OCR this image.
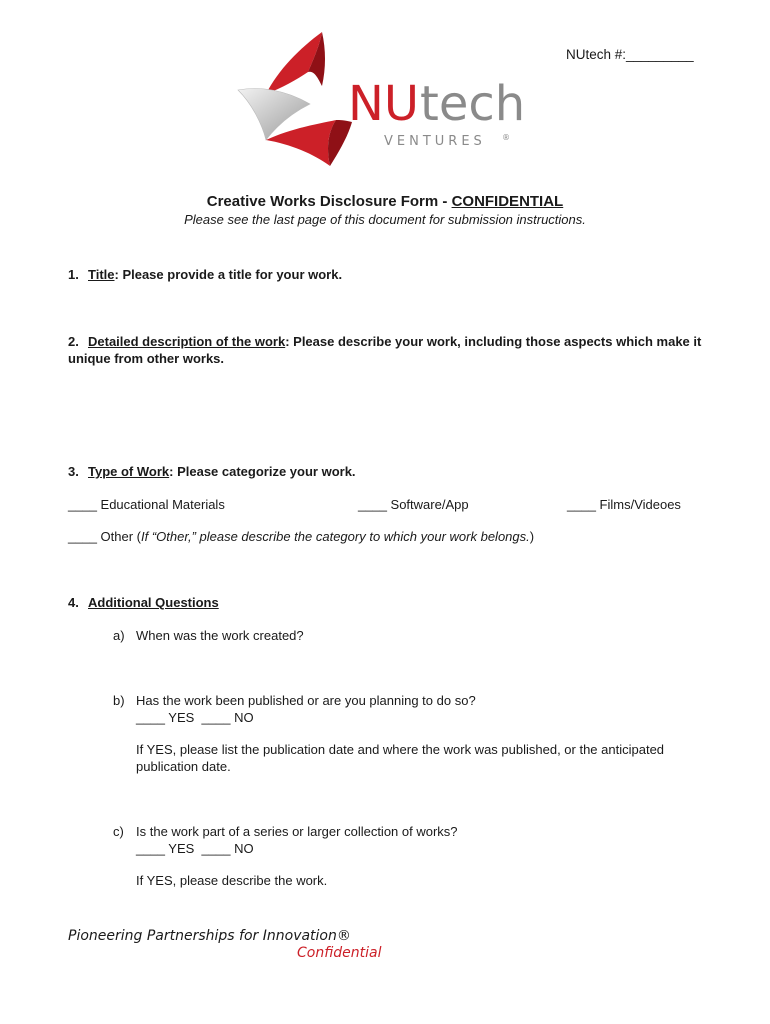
NUtech #:_________
NU tech
VENTURES ®
Creative Works Disclosure Form - CONFIDENTIAL
Please see the last page of this document for submission instructions.
1. Title: Please provide a title for your work.
2. Detailed description of the work: Please describe your work, including those aspects which make it unique from other works.
3. Type of Work: Please categorize your work.
____ Educational Materials	____ Software/App	____ Films/Videoes
____ Other (If “Other,” please describe the category to which your work belongs.)
4. Additional Questions
a) When was the work created?
b) Has the work been published or are you planning to do so?
____ YES  ____ NO
If YES, please list the publication date and where the work was published, or the anticipated
publication date.
c) Is the work part of a series or larger collection of works?
____ YES  ____ NO
If YES, please describe the work.
Pioneering Partnerships for Innovation®
Confidential
